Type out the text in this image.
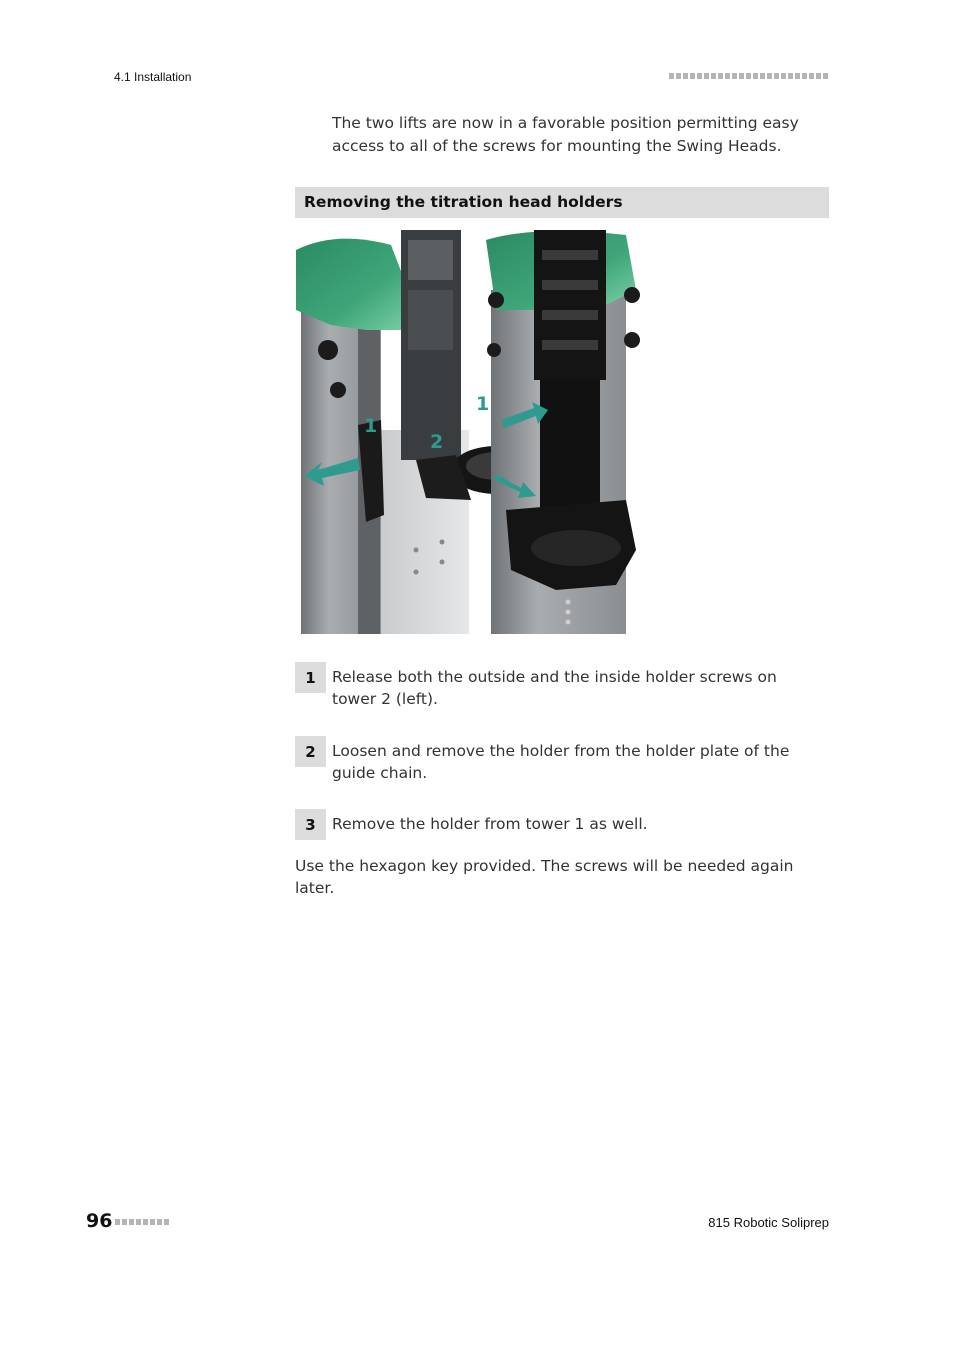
4.1 Installation

The two lifts are now in a favorable position permitting easy access to all of the screws for mounting the Swing Heads.

Removing the titration head holders
1
2
1
1	Release both the outside and the inside holder screws on tower 2 (left).
2	Loosen and remove the holder from the holder plate of the guide chain.
3	Remove the holder from tower 1 as well.

Use the hexagon key provided. The screws will be needed again later.

96	815 Robotic Soliprep
